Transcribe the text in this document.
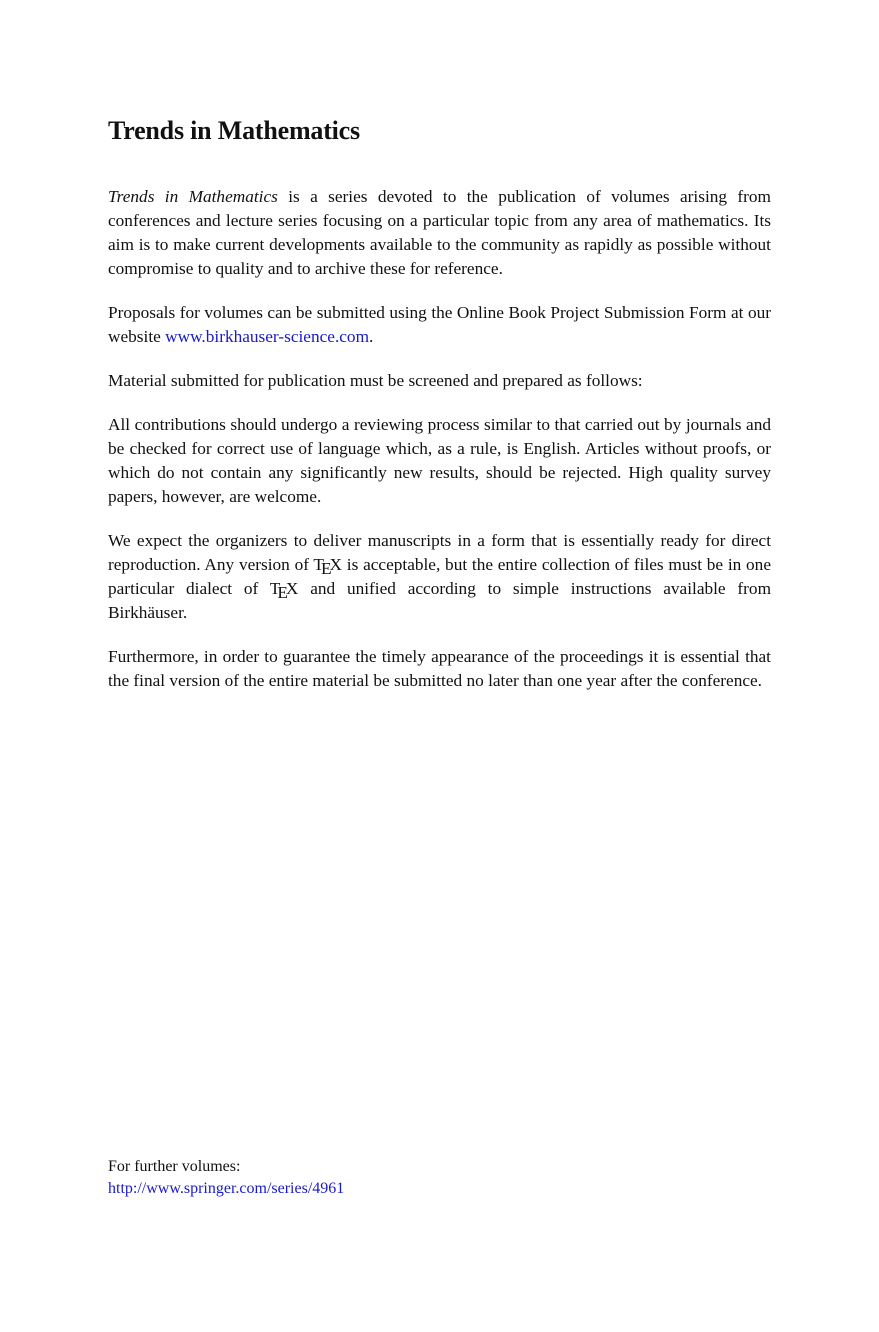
Trends in Mathematics

Trends in Mathematics is a series devoted to the publication of volumes arising from conferences and lecture series focusing on a particular topic from any area of mathematics. Its aim is to make current developments available to the community as rapidly as possible without compromise to quality and to archive these for reference.

Proposals for volumes can be submitted using the Online Book Project Submission Form at our website www.birkhauser-science.com.

Material submitted for publication must be screened and prepared as follows:

All contributions should undergo a reviewing process similar to that carried out by journals and be checked for correct use of language which, as a rule, is English. Articles without proofs, or which do not contain any significantly new results, should be rejected. High quality survey papers, however, are welcome.

We expect the organizers to deliver manuscripts in a form that is essentially ready for direct reproduction. Any version of TEX is acceptable, but the entire collection of files must be in one particular dialect of TEX and unified according to simple instructions available from Birkhäuser.

Furthermore, in order to guarantee the timely appearance of the proceedings it is essential that the final version of the entire material be submitted no later than one year after the conference.

For further volumes:
http://www.springer.com/series/4961
